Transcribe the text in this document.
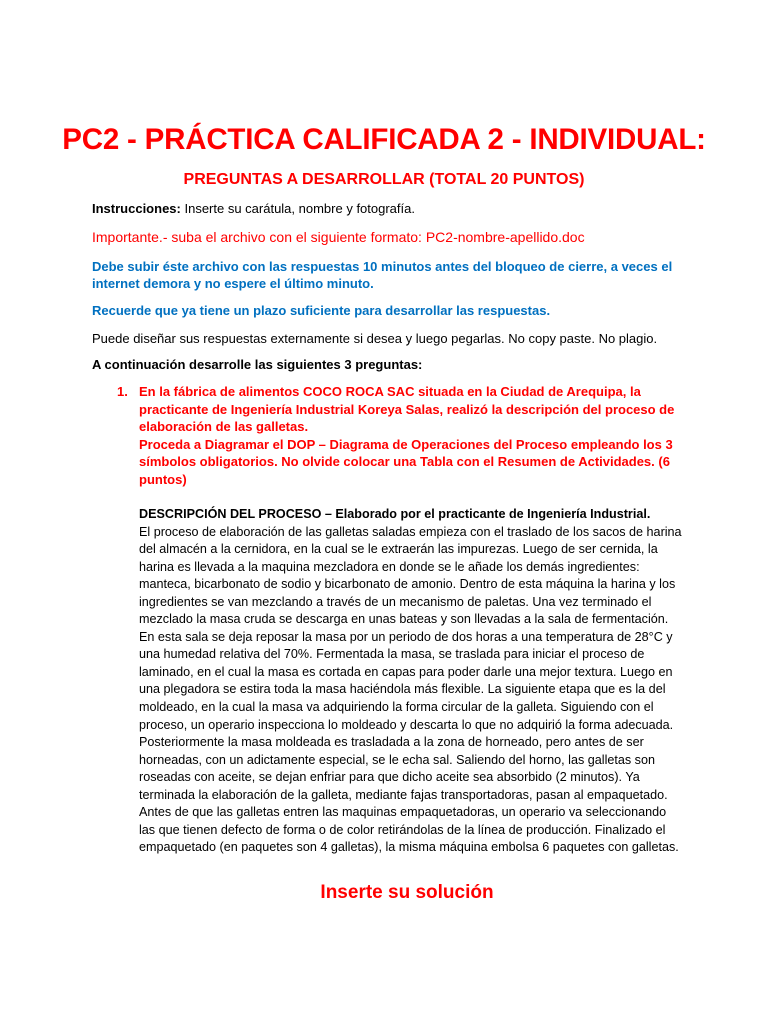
PC2 - PRÁCTICA CALIFICADA 2 - INDIVIDUAL:
PREGUNTAS A DESARROLLAR (TOTAL 20 PUNTOS)
Instrucciones: Inserte su carátula, nombre y fotografía.
Importante.- suba el archivo con el siguiente formato: PC2-nombre-apellido.doc
Debe subir éste archivo con las respuestas 10 minutos antes del bloqueo de cierre, a veces el internet demora y no espere el último minuto.
Recuerde que ya tiene un plazo suficiente para desarrollar las respuestas.
Puede diseñar sus respuestas externamente si desea y luego pegarlas. No copy paste. No plagio.
A continuación desarrolle las siguientes 3 preguntas:
1. En la fábrica de alimentos COCO ROCA SAC situada en la Ciudad de Arequipa, la practicante de Ingeniería Industrial Koreya Salas, realizó la descripción del proceso de elaboración de las galletas.
Proceda a Diagramar el DOP – Diagrama de Operaciones del Proceso empleando los 3 símbolos obligatorios. No olvide colocar una Tabla con el Resumen de Actividades. (6 puntos)
DESCRIPCIÓN DEL PROCESO – Elaborado por el practicante de Ingeniería Industrial.
El proceso de elaboración de las galletas saladas empieza con el traslado de los sacos de harina del almacén a la cernidora, en la cual se le extraerán las impurezas. Luego de ser cernida, la harina es llevada a la maquina mezcladora en donde se le añade los demás ingredientes: manteca, bicarbonato de sodio y bicarbonato de amonio. Dentro de esta máquina la harina y los ingredientes se van mezclando a través de un mecanismo de paletas. Una vez terminado el mezclado la masa cruda se descarga en unas bateas y son llevadas a la sala de fermentación. En esta sala se deja reposar la masa por un periodo de dos horas a una temperatura de 28°C y una humedad relativa del 70%. Fermentada la masa, se traslada para iniciar el proceso de laminado, en el cual la masa es cortada en capas para poder darle una mejor textura. Luego en una plegadora se estira toda la masa haciéndola más flexible. La siguiente etapa que es la del moldeado, en la cual la masa va adquiriendo la forma circular de la galleta. Siguiendo con el proceso, un operario inspecciona lo moldeado y descarta lo que no adquirió la forma adecuada. Posteriormente la masa moldeada es trasladada a la zona de horneado, pero antes de ser horneadas, con un adictamente especial, se le echa sal. Saliendo del horno, las galletas son roseadas con aceite, se dejan enfriar para que dicho aceite sea absorbido (2 minutos). Ya terminada la elaboración de la galleta, mediante fajas transportadoras, pasan al empaquetado. Antes de que las galletas entren las maquinas empaquetadoras, un operario va seleccionando las que tienen defecto de forma o de color retirándolas de la línea de producción. Finalizado el empaquetado (en paquetes son 4 galletas), la misma máquina embolsa 6 paquetes con galletas.
Inserte su solución
